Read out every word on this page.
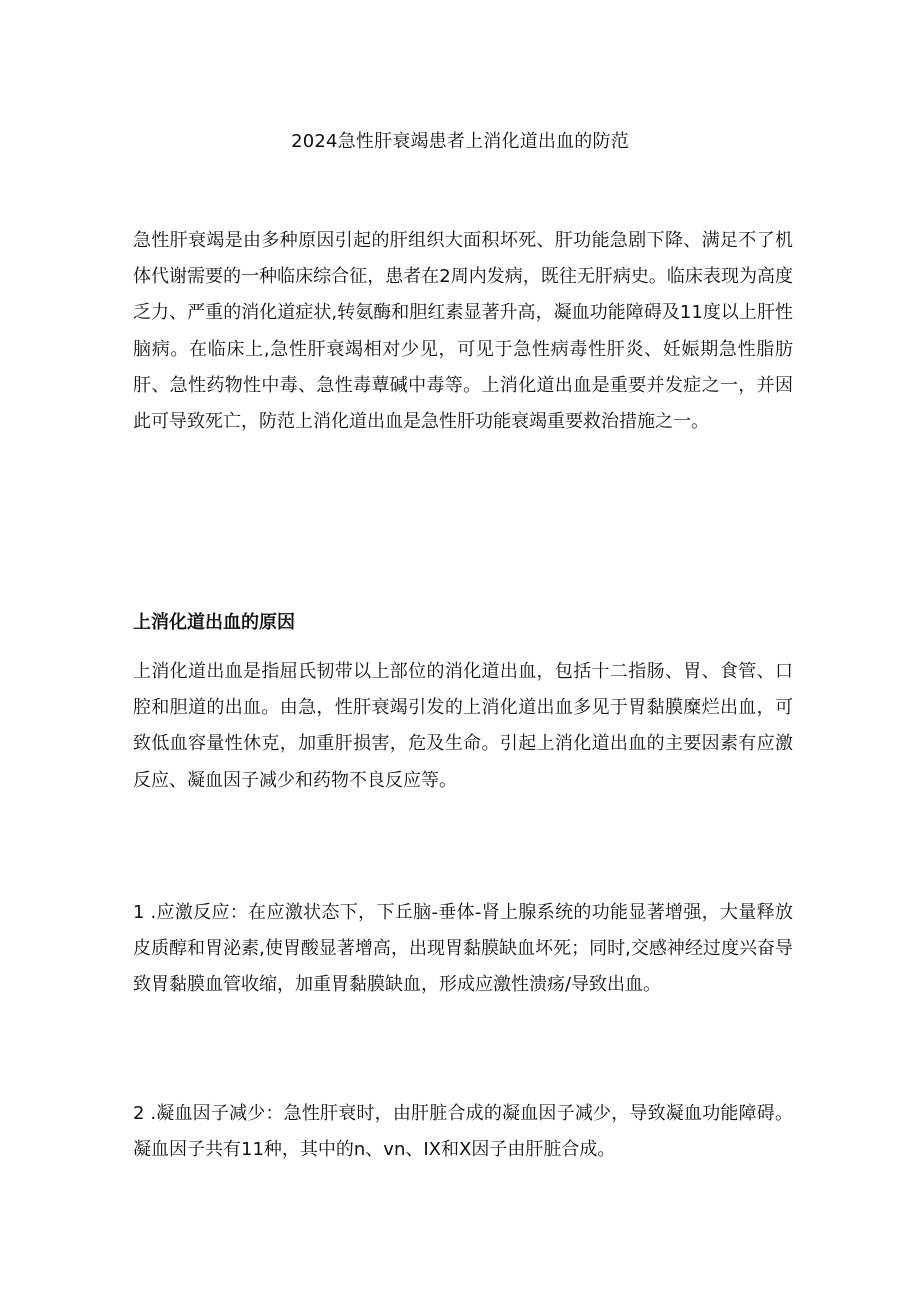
2024急性肝衰竭患者上消化道出血的防范

急性肝衰竭是由多种原因引起的肝组织大面积坏死、肝功能急剧下降、满足不了机体代谢需要的一种临床综合征，患者在2周内发病，既往无肝病史。临床表现为高度乏力、严重的消化道症状,转氨酶和胆红素显著升高，凝血功能障碍及11度以上肝性脑病。在临床上,急性肝衰竭相对少见，可见于急性病毒性肝炎、妊娠期急性脂肪肝、急性药物性中毒、急性毒蕈碱中毒等。上消化道出血是重要并发症之一，并因此可导致死亡，防范上消化道出血是急性肝功能衰竭重要救治措施之一。

上消化道出血的原因

上消化道出血是指屈氏韧带以上部位的消化道出血，包括十二指肠、胃、食管、口腔和胆道的出血。由急，性肝衰竭引发的上消化道出血多见于胃黏膜糜烂出血，可致低血容量性休克，加重肝损害，危及生命。引起上消化道出血的主要因素有应激反应、凝血因子减少和药物不良反应等。

1 .应激反应：在应激状态下，下丘脑-垂体-肾上腺系统的功能显著增强，大量释放皮质醇和胃泌素,使胃酸显著增高，出现胃黏膜缺血坏死；同时,交感神经过度兴奋导致胃黏膜血管收缩，加重胃黏膜缺血，形成应激性溃疡/导致出血。

2 .凝血因子减少：急性肝衰时，由肝脏合成的凝血因子减少，导致凝血功能障碍。凝血因子共有11种，其中的n、vn、IX和X因子由肝脏合成。
